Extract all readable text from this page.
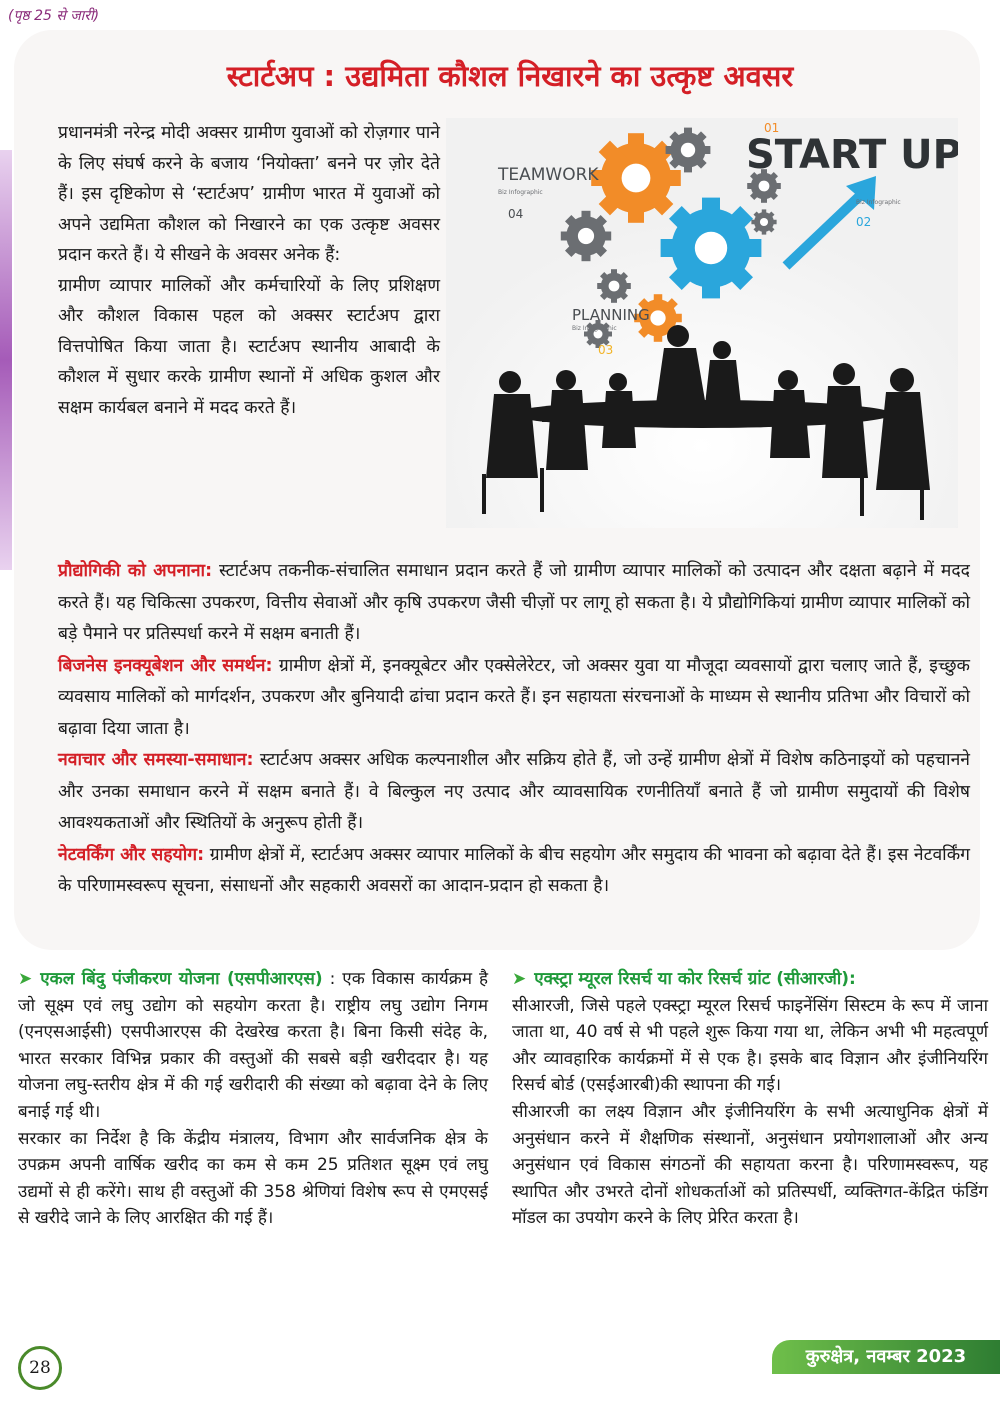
(पृष्ठ 25 से जारी)
स्टार्टअप : उद्यमिता कौशल निखारने का उत्कृष्ट अवसर

प्रधानमंत्री नरेन्द्र मोदी अक्सर ग्रामीण युवाओं को रोज़गार पाने के लिए संघर्ष करने के बजाय ‘नियोक्ता’ बनने पर ज़ोर देते हैं। इस दृष्टिकोण से ‘स्टार्टअप’ ग्रामीण भारत में युवाओं को अपने उद्यमिता कौशल को निखारने का एक उत्कृष्ट अवसर प्रदान करते हैं। ये सीखने के अवसर अनेक हैं:

ग्रामीण व्यापार मालिकों और कर्मचारियों के लिए प्रशिक्षण और कौशल विकास पहल को अक्सर स्टार्टअप द्वारा वित्तपोषित किया जाता है। स्टार्टअप स्थानीय आबादी के कौशल में सुधार करके ग्रामीण स्थानों में अधिक कुशल और सक्षम कार्यबल बनाने में मदद करते हैं।

START UP
01
TEAMWORK
Biz Infographic
04
Biz Infographic
02
PLANNING
Biz Infographic
03

प्रौद्योगिकी को अपनाना: स्टार्टअप तकनीक-संचालित समाधान प्रदान करते हैं जो ग्रामीण व्यापार मालिकों को उत्पादन और दक्षता बढ़ाने में मदद करते हैं। यह चिकित्सा उपकरण, वित्तीय सेवाओं और कृषि उपकरण जैसी चीज़ों पर लागू हो सकता है। ये प्रौद्योगिकियां ग्रामीण व्यापार मालिकों को बड़े पैमाने पर प्रतिस्पर्धा करने में सक्षम बनाती हैं।

बिजनेस इनक्यूबेशन और समर्थन: ग्रामीण क्षेत्रों में, इनक्यूबेटर और एक्सेलेरेटर, जो अक्सर युवा या मौजूदा व्यवसायों द्वारा चलाए जाते हैं, इच्छुक व्यवसाय मालिकों को मार्गदर्शन, उपकरण और बुनियादी ढांचा प्रदान करते हैं। इन सहायता संरचनाओं के माध्यम से स्थानीय प्रतिभा और विचारों को बढ़ावा दिया जाता है।

नवाचार और समस्या-समाधान: स्टार्टअप अक्सर अधिक कल्पनाशील और सक्रिय होते हैं, जो उन्हें ग्रामीण क्षेत्रों में विशेष कठिनाइयों को पहचानने और उनका समाधान करने में सक्षम बनाते हैं। वे बिल्कुल नए उत्पाद और व्यावसायिक रणनीतियाँ बनाते हैं जो ग्रामीण समुदायों की विशेष आवश्यकताओं और स्थितियों के अनुरूप होती हैं।

नेटवर्किंग और सहयोग: ग्रामीण क्षेत्रों में, स्टार्टअप अक्सर व्यापार मालिकों के बीच सहयोग और समुदाय की भावना को बढ़ावा देते हैं। इस नेटवर्किंग के परिणामस्वरूप सूचना, संसाधनों और सहकारी अवसरों का आदान-प्रदान हो सकता है।

➤ एकल बिंदु पंजीकरण योजना (एसपीआरएस) : एक विकास कार्यक्रम है जो सूक्ष्म एवं लघु उद्योग को सहयोग करता है। राष्ट्रीय लघु उद्योग निगम (एनएसआईसी) एसपीआरएस की देखरेख करता है। बिना किसी संदेह के, भारत सरकार विभिन्न प्रकार की वस्तुओं की सबसे बड़ी खरीददार है। यह योजना लघु-स्तरीय क्षेत्र में की गई खरीदारी की संख्या को बढ़ावा देने के लिए बनाई गई थी।

सरकार का निर्देश है कि केंद्रीय मंत्रालय, विभाग और सार्वजनिक क्षेत्र के उपक्रम अपनी वार्षिक खरीद का कम से कम 25 प्रतिशत सूक्ष्म एवं लघु उद्यमों से ही करेंगे। साथ ही वस्तुओं की 358 श्रेणियां विशेष रूप से एमएसई से खरीदे जाने के लिए आरक्षित की गई हैं।

➤ एक्स्ट्रा म्यूरल रिसर्च या कोर रिसर्च ग्रांट (सीआरजी):

सीआरजी, जिसे पहले एक्स्ट्रा म्यूरल रिसर्च फाइनेंसिंग सिस्टम के रूप में जाना जाता था, 40 वर्ष से भी पहले शुरू किया गया था, लेकिन अभी भी महत्वपूर्ण और व्यावहारिक कार्यक्रमों में से एक है। इसके बाद विज्ञान और इंजीनियरिंग रिसर्च बोर्ड (एसईआरबी)की स्थापना की गई।

सीआरजी का लक्ष्य विज्ञान और इंजीनियरिंग के सभी अत्याधुनिक क्षेत्रों में अनुसंधान करने में शैक्षणिक संस्थानों, अनुसंधान प्रयोगशालाओं और अन्य अनुसंधान एवं विकास संगठनों की सहायता करना है। परिणामस्वरूप, यह स्थापित और उभरते दोनों शोधकर्ताओं को प्रतिस्पर्धी, व्यक्तिगत-केंद्रित फंडिंग मॉडल का उपयोग करने के लिए प्रेरित करता है।

28
कुरुक्षेत्र, नवम्बर 2023
